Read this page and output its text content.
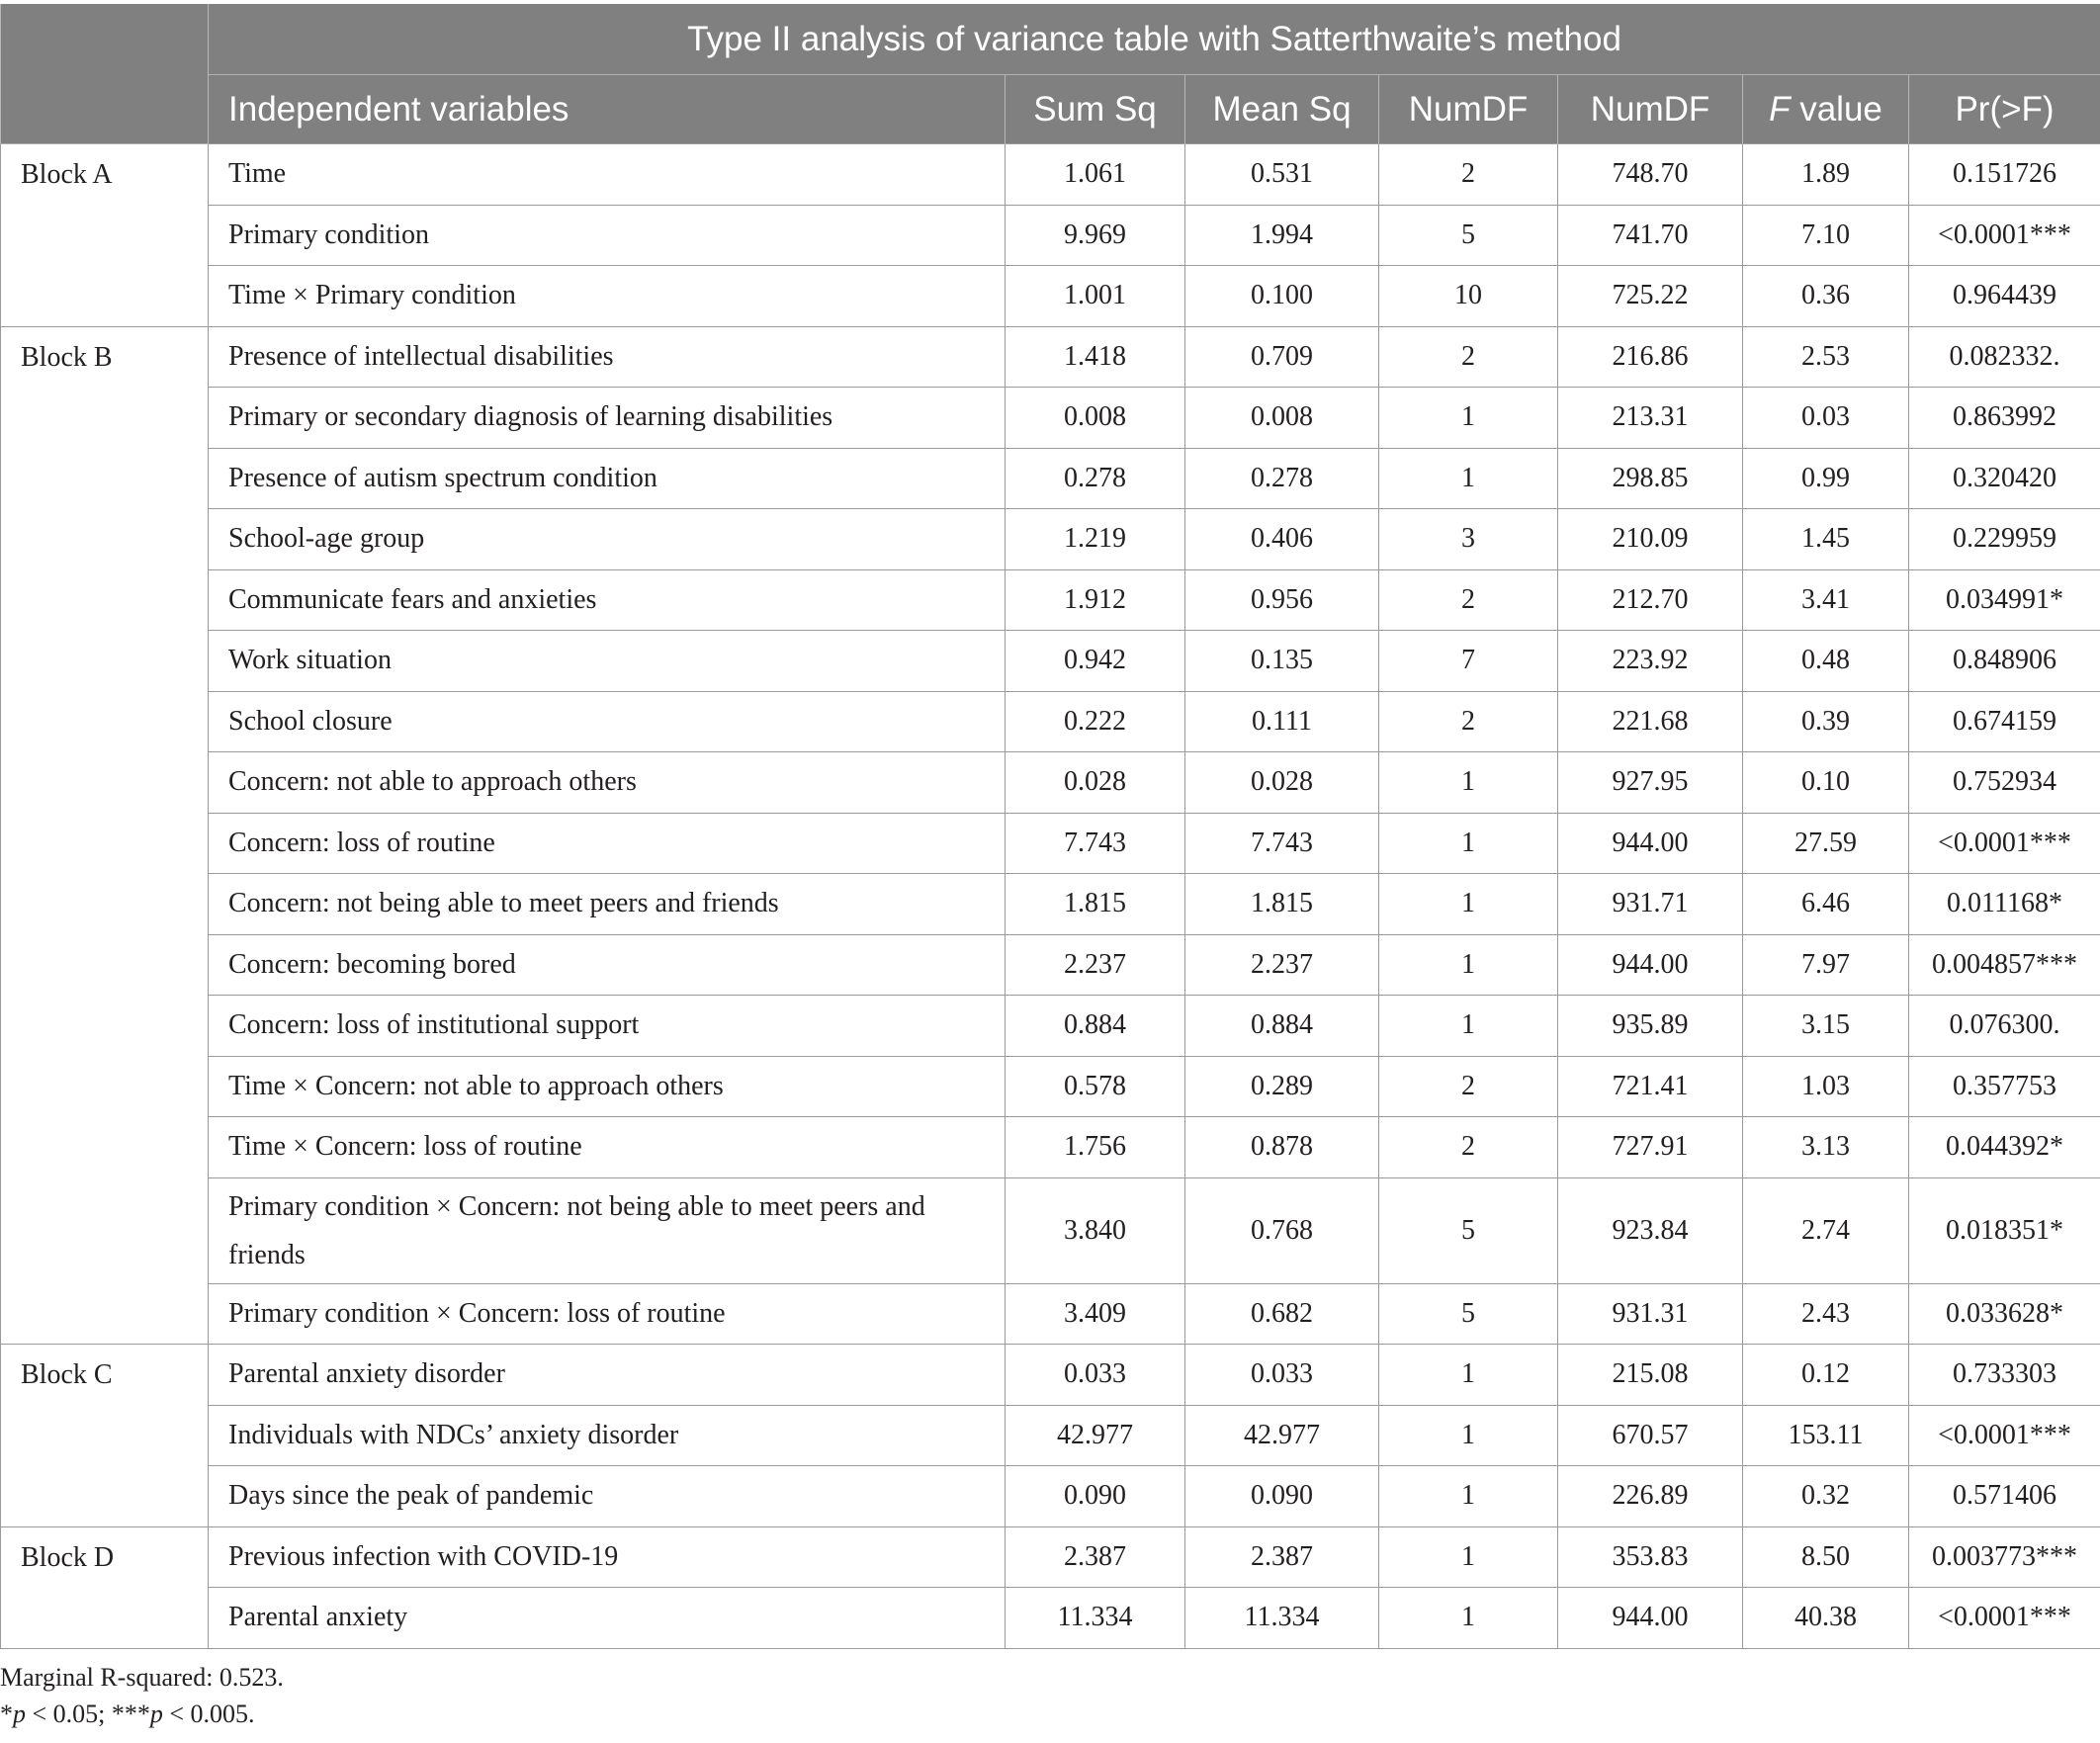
	Type II analysis of variance table with Satterthwaite’s method						
	Independent variables	Sum Sq	Mean Sq	NumDF	NumDF	F value	Pr(>F)
Block A	Time	1.061	0.531	2	748.70	1.89	0.151726
	Primary condition	9.969	1.994	5	741.70	7.10	<0.0001***
	Time × Primary condition	1.001	0.100	10	725.22	0.36	0.964439
Block B	Presence of intellectual disabilities	1.418	0.709	2	216.86	2.53	0.082332.
	Primary or secondary diagnosis of learning disabilities	0.008	0.008	1	213.31	0.03	0.863992
	Presence of autism spectrum condition	0.278	0.278	1	298.85	0.99	0.320420
	School-age group	1.219	0.406	3	210.09	1.45	0.229959
	Communicate fears and anxieties	1.912	0.956	2	212.70	3.41	0.034991*
	Work situation	0.942	0.135	7	223.92	0.48	0.848906
	School closure	0.222	0.111	2	221.68	0.39	0.674159
	Concern: not able to approach others	0.028	0.028	1	927.95	0.10	0.752934
	Concern: loss of routine	7.743	7.743	1	944.00	27.59	<0.0001***
	Concern: not being able to meet peers and friends	1.815	1.815	1	931.71	6.46	0.011168*
	Concern: becoming bored	2.237	2.237	1	944.00	7.97	0.004857***
	Concern: loss of institutional support	0.884	0.884	1	935.89	3.15	0.076300.
	Time × Concern: not able to approach others	0.578	0.289	2	721.41	1.03	0.357753
	Time × Concern: loss of routine	1.756	0.878	2	727.91	3.13	0.044392*
	Primary condition × Concern: not being able to meet peers and friends	3.840	0.768	5	923.84	2.74	0.018351*
	Primary condition × Concern: loss of routine	3.409	0.682	5	931.31	2.43	0.033628*
Block C	Parental anxiety disorder	0.033	0.033	1	215.08	0.12	0.733303
	Individuals with NDCs’ anxiety disorder	42.977	42.977	1	670.57	153.11	<0.0001***
	Days since the peak of pandemic	0.090	0.090	1	226.89	0.32	0.571406
Block D	Previous infection with COVID-19	2.387	2.387	1	353.83	8.50	0.003773***
	Parental anxiety	11.334	11.334	1	944.00	40.38	<0.0001***
Marginal R-squared: 0.523.
*p < 0.05; ***p < 0.005.
